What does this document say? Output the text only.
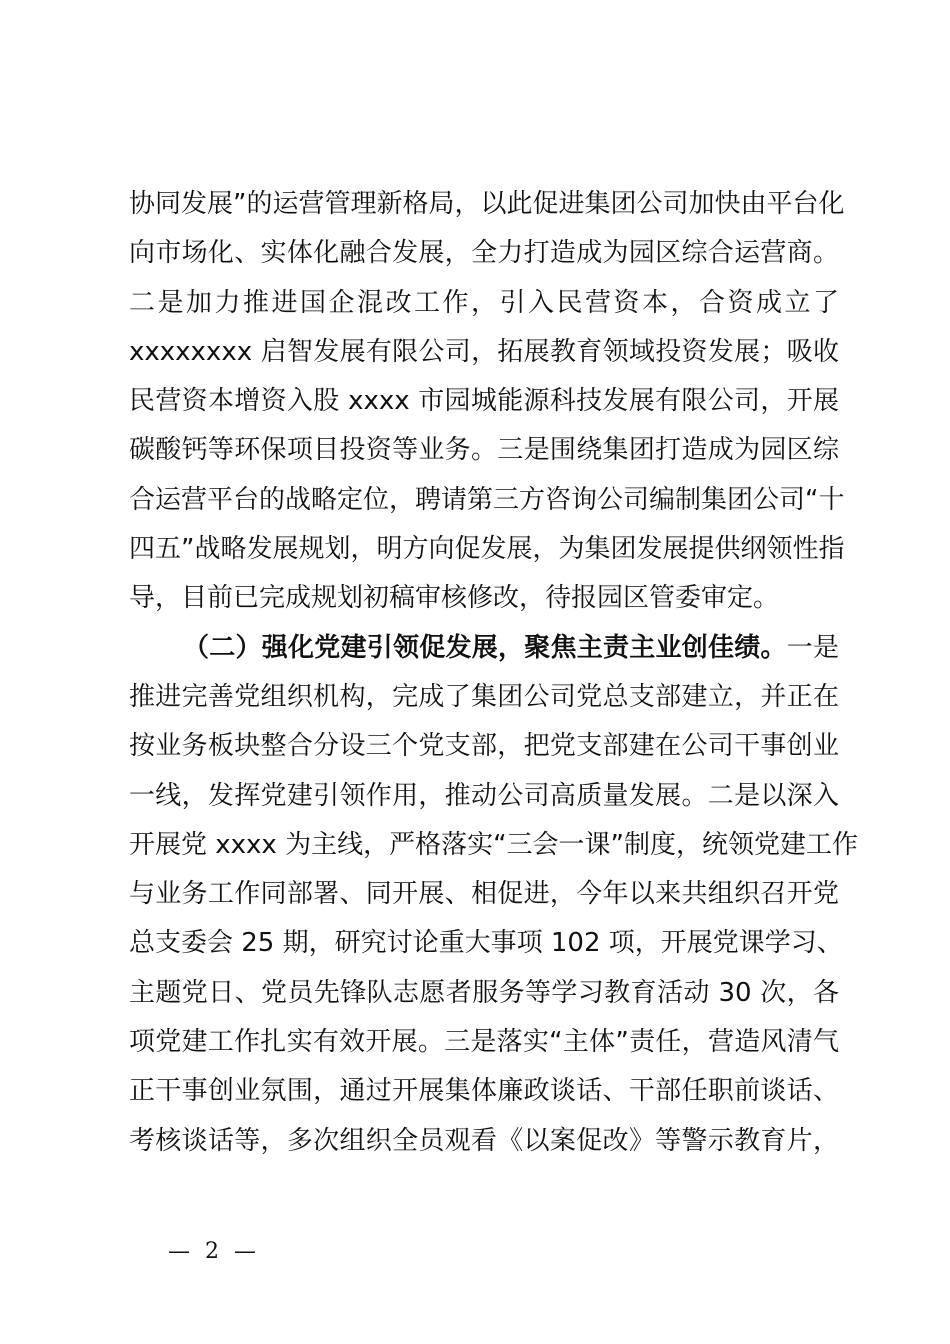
协同发展”的运营管理新格局，以此促进集团公司加快由平台化
向市场化、实体化融合发展，全力打造成为园区综合运营商。
二是加力推进国企混改工作，引入民营资本，合资成立了
xxxxxxxx 启智发展有限公司，拓展教育领域投资发展；吸收
民营资本增资入股 xxxx 市园城能源科技发展有限公司，开展
碳酸钙等环保项目投资等业务。三是围绕集团打造成为园区综
合运营平台的战略定位，聘请第三方咨询公司编制集团公司“十
四五”战略发展规划，明方向促发展，为集团发展提供纲领性指
导，目前已完成规划初稿审核修改，待报园区管委审定。
（二）强化党建引领促发展，聚焦主责主业创佳绩。一是
推进完善党组织机构，完成了集团公司党总支部建立，并正在
按业务板块整合分设三个党支部，把党支部建在公司干事创业
一线，发挥党建引领作用，推动公司高质量发展。二是以深入
开展党 xxxx 为主线，严格落实“三会一课”制度，统领党建工作
与业务工作同部署、同开展、相促进，今年以来共组织召开党
总支委会 25 期，研究讨论重大事项 102 项，开展党课学习、
主题党日、党员先锋队志愿者服务等学习教育活动 30 次，各
项党建工作扎实有效开展。三是落实“主体”责任，营造风清气
正干事创业氛围，通过开展集体廉政谈话、干部任职前谈话、
考核谈话等，多次组织全员观看《以案促改》等警示教育片，
— 2 —
